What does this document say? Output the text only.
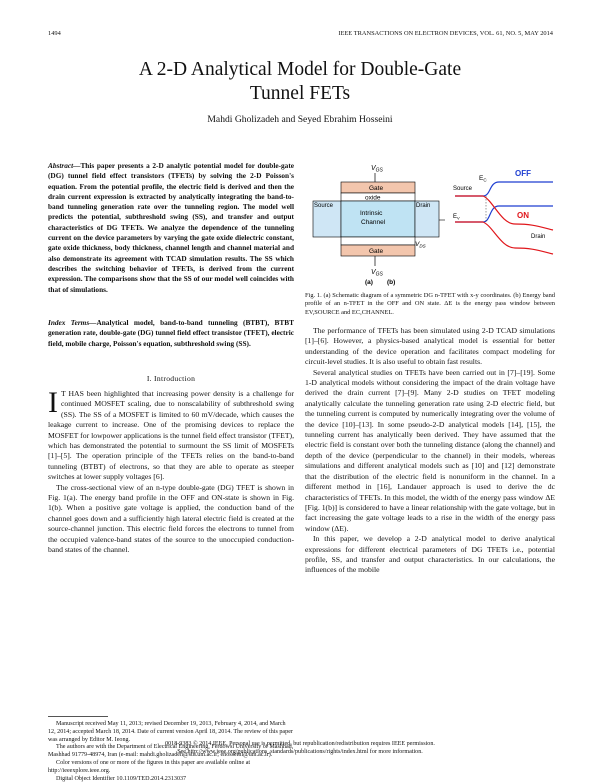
1494	IEEE TRANSACTIONS ON ELECTRON DEVICES, VOL. 61, NO. 5, MAY 2014
A 2-D Analytical Model for Double-Gate
Tunnel FETs
Mahdi Gholizadeh and Seyed Ebrahim Hosseini
Abstract—This paper presents a 2-D analytic potential model for double-gate (DG) tunnel field effect transistors (TFETs) by solving the 2-D Poisson's equation. From the potential profile, the electric field is derived and then the drain current expression is extracted by analytically integrating the band-to-band tunneling generation rate over the tunneling region. The model well predicts the potential, subthreshold swing (SS), and transfer and output characteristics of DG TFETs. We analyze the dependence of the tunneling current on the device parameters by varying the gate oxide dielectric constant, gate oxide thickness, body thickness, channel length and channel material and also demonstrate its agreement with TCAD simulation results. The SS which describes the switching behavior of TFETs, is derived from the current expression. The comparisons show that the SS of our model well coincides with that of simulations.
Index Terms—Analytical model, band-to-band tunneling (BTBT), BTBT generation rate, double-gate (DG) tunnel field effect transistor (TFET), electric field, mobile charge, Poisson's equation, subthreshold swing (SS).
I. Introduction

I T HAS been highlighted that increasing power density is a challenge for continued MOSFET scaling, due to nonscalability of subthreshold swing (SS). The SS of a MOSFET is limited to 60 mV/decade, which causes the leakage current to increase. One of the promising devices to replace the MOSFET for lowpower applications is the tunnel field effect transistor (TFET), which has demonstrated the potential to surmount the SS limit of MOSFETs [1]–[5]. The operation principle of the TFETs relies on the band-to-band tunneling (BTBT) of electrons, so that they are able to operate as steeper switches at lower supply voltages [6].

The cross-sectional view of an n-type double-gate (DG) TFET is shown in Fig. 1(a). The energy band profile in the OFF and ON-state is shown in Fig. 1(b). When a positive gate voltage is applied, the conduction band of the channel goes down and a sufficiently high lateral electric field is created at the source-channel junction. This electric field forces the electrons to tunnel from the occupied valence-band states of the source to the unoccupied conduction-band states of the channel.

Manuscript received May 11, 2013; revised December 19, 2013, February 4, 2014, and March 12, 2014; accepted March 18, 2014. Date of current version April 18, 2014. The review of this paper was arranged by Editor M. Ieong.
The authors are with the Department of Electrical Engineering, Ferdowsi University of Mashhad, Mashhad 91779-48974, Iran (e-mail: mahdi.gholizadeh@stu.um.ac.ir; ehosseini@um.ac.ir).
Color versions of one or more of the figures in this paper are available online at http://ieeexplore.ieee.org.
Digital Object Identifier 10.1109/TED.2014.2313037
$V_{GS}$
Gate
oxide
Source
Intrinsic
Channel
Drain
Gate
$V_{GS}$
$V_{DS}$
(a) (b)
$E_C$
Source
$E_V$
OFF
ON
Drain
Fig. 1. (a) Schematic diagram of a symmetric DG n-TFET with x-y coordinates. (b) Energy band profile of an n-TFET in the OFF and ON state. ΔE is the energy pass window between EV,SOURCE and EC,CHANNEL.

The performance of TFETs has been simulated using 2-D TCAD simulations [1]–[6]. However, a physics-based analytical model is essential for better understanding of the device operation and facilitates compact modeling for circuit-level studies. It is also useful to obtain fast results.

Several analytical studies on TFETs have been carried out in [7]–[19]. Some 1-D analytical models without considering the impact of the drain voltage have derived the drain current [7]–[9]. Many 2-D studies on TFET modeling analytically calculate the tunneling generation rate using 2-D electric field, but the tunneling current is computed by numerically integrating over the volume of the device [10]–[13]. In some pseudo-2-D analytical models [14], [15], the tunneling current has analytically been derived. They have assumed that the electric field is constant over both the tunneling distance (along the channel) and depth of the device (perpendicular to the channel) in their models, whereas simulations and different analytical models such as [10] and [12] demonstrate that the distribution of the electric field is nonuniform in the channel. In a different method in [16], Landauer approach is used to derive the dc characteristics of TFETs. In this model, the width of the energy pass window ΔE [Fig. 1(b)] is considered to have a linear relationship with the gate voltage, but in fact increasing the gate voltage leads to a rise in the width of the energy pass window (ΔE).

In this paper, we develop a 2-D analytical model to derive analytical expressions for different electrical parameters of DG TFETs i.e., potential profile, SS, and transfer and output characteristics. In our calculations, the influences of the mobile

0018-9383 © 2014 IEEE. Personal use is permitted, but republication/redistribution requires IEEE permission.
See http://www.ieee.org/publications_standards/publications/rights/index.html for more information.
